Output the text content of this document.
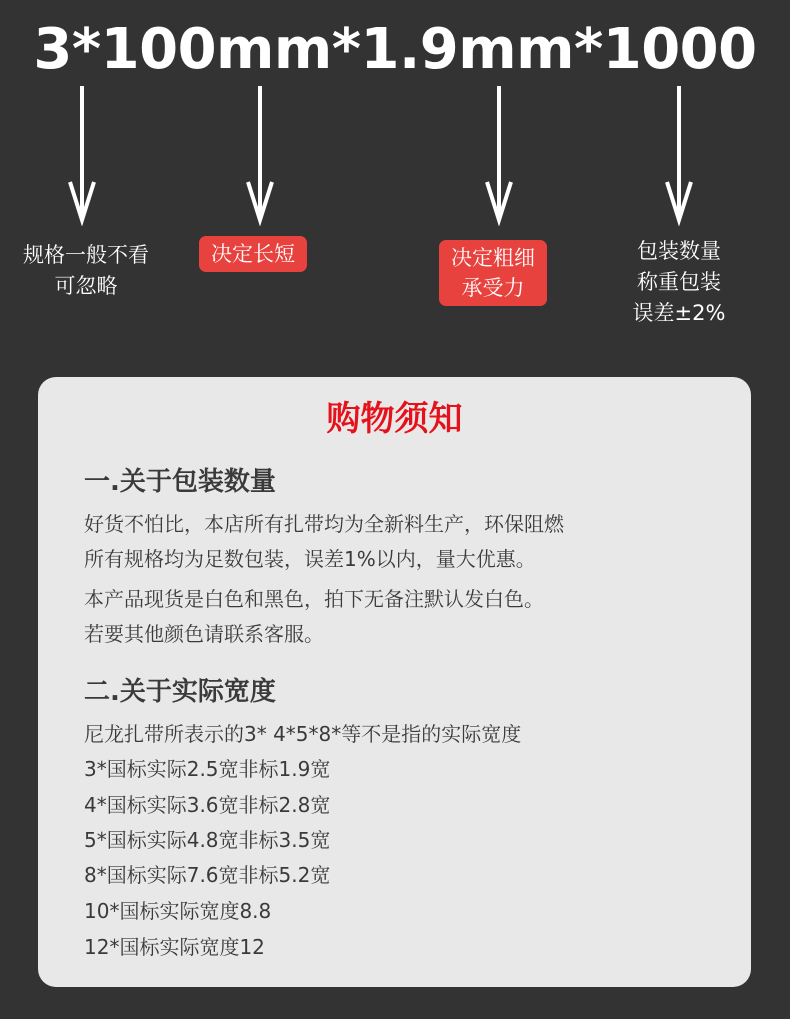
3*100mm*1.9mm*1000
规格一般不看
可忽略
决定长短	决定粗细
承受力
包装数量
称重包装
误差±2%
购物须知
一.关于包装数量
好货不怕比，本店所有扎带均为全新料生产，环保阻燃
所有规格均为足数包装，误差1%以内，量大优惠。
本产品现货是白色和黑色，拍下无备注默认发白色。
若要其他颜色请联系客服。
二.关于实际宽度
尼龙扎带所表示的3* 4*5*8*等不是指的实际宽度
3*国标实际2.5宽非标1.9宽
4*国标实际3.6宽非标2.8宽
5*国标实际4.8宽非标3.5宽
8*国标实际7.6宽非标5.2宽
10*国标实际宽度8.8
12*国标实际宽度12
